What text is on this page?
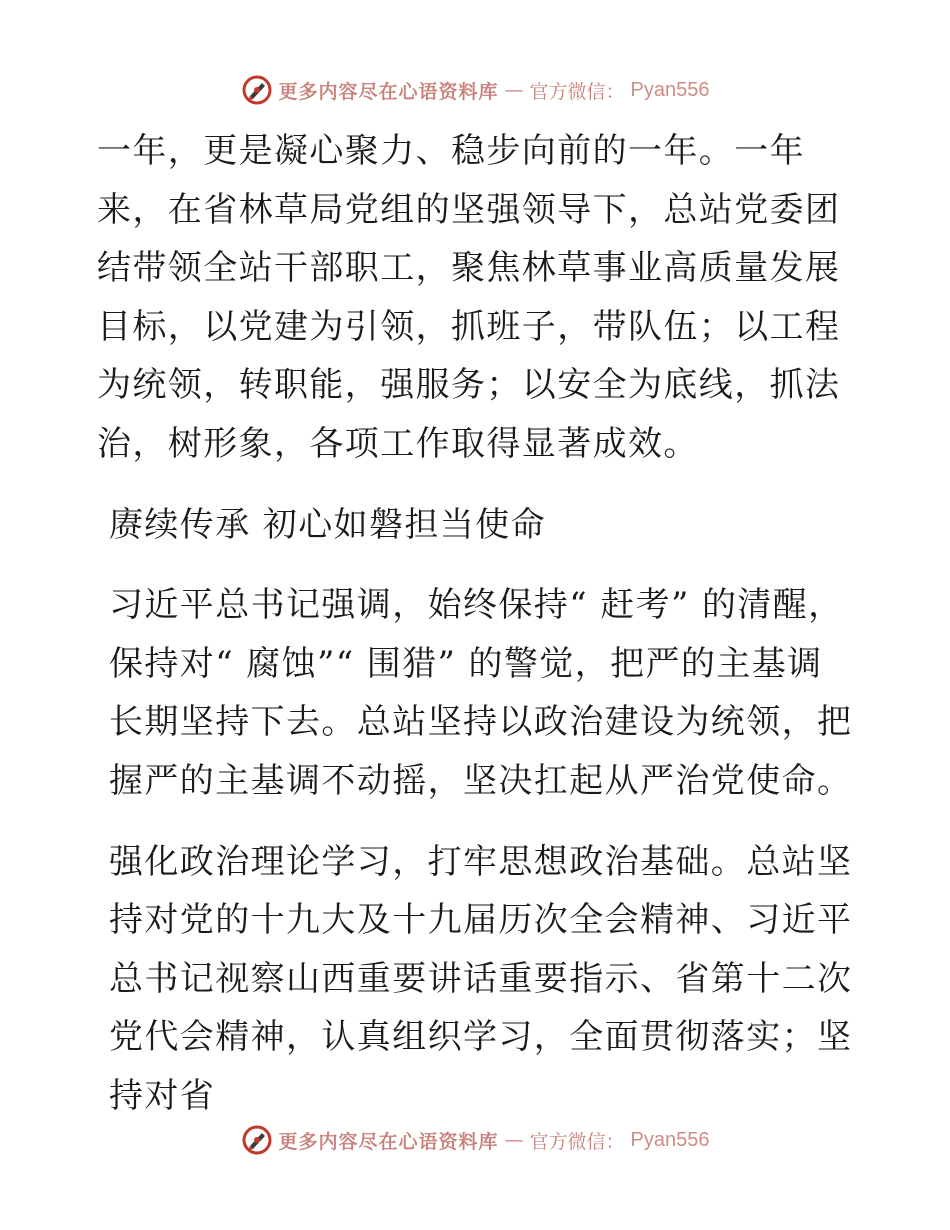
更多内容尽在心语资料库 — 官方微信： Pyan556

一年，更是凝心聚力、稳步向前的一年。一年来，在省林草局党组的坚强领导下，总站党委团结带领全站干部职工，聚焦林草事业高质量发展目标，以党建为引领，抓班子，带队伍；以工程为统领，转职能，强服务；以安全为底线，抓法治，树形象，各项工作取得显著成效。

赓续传承 初心如磐担当使命

习近平总书记强调，始终保持“ 赶考” 的清醒，保持对“ 腐蚀”“ 围猎” 的警觉，把严的主基调长期坚持下去。总站坚持以政治建设为统领，把握严的主基调不动摇，坚决扛起从严治党使命。

强化政治理论学习，打牢思想政治基础。总站坚持对党的十九大及十九届历次全会精神、习近平总书记视察山西重要讲话重要指示、省第十二次党代会精神，认真组织学习，全面贯彻落实；坚持对省

更多内容尽在心语资料库 — 官方微信： Pyan556
